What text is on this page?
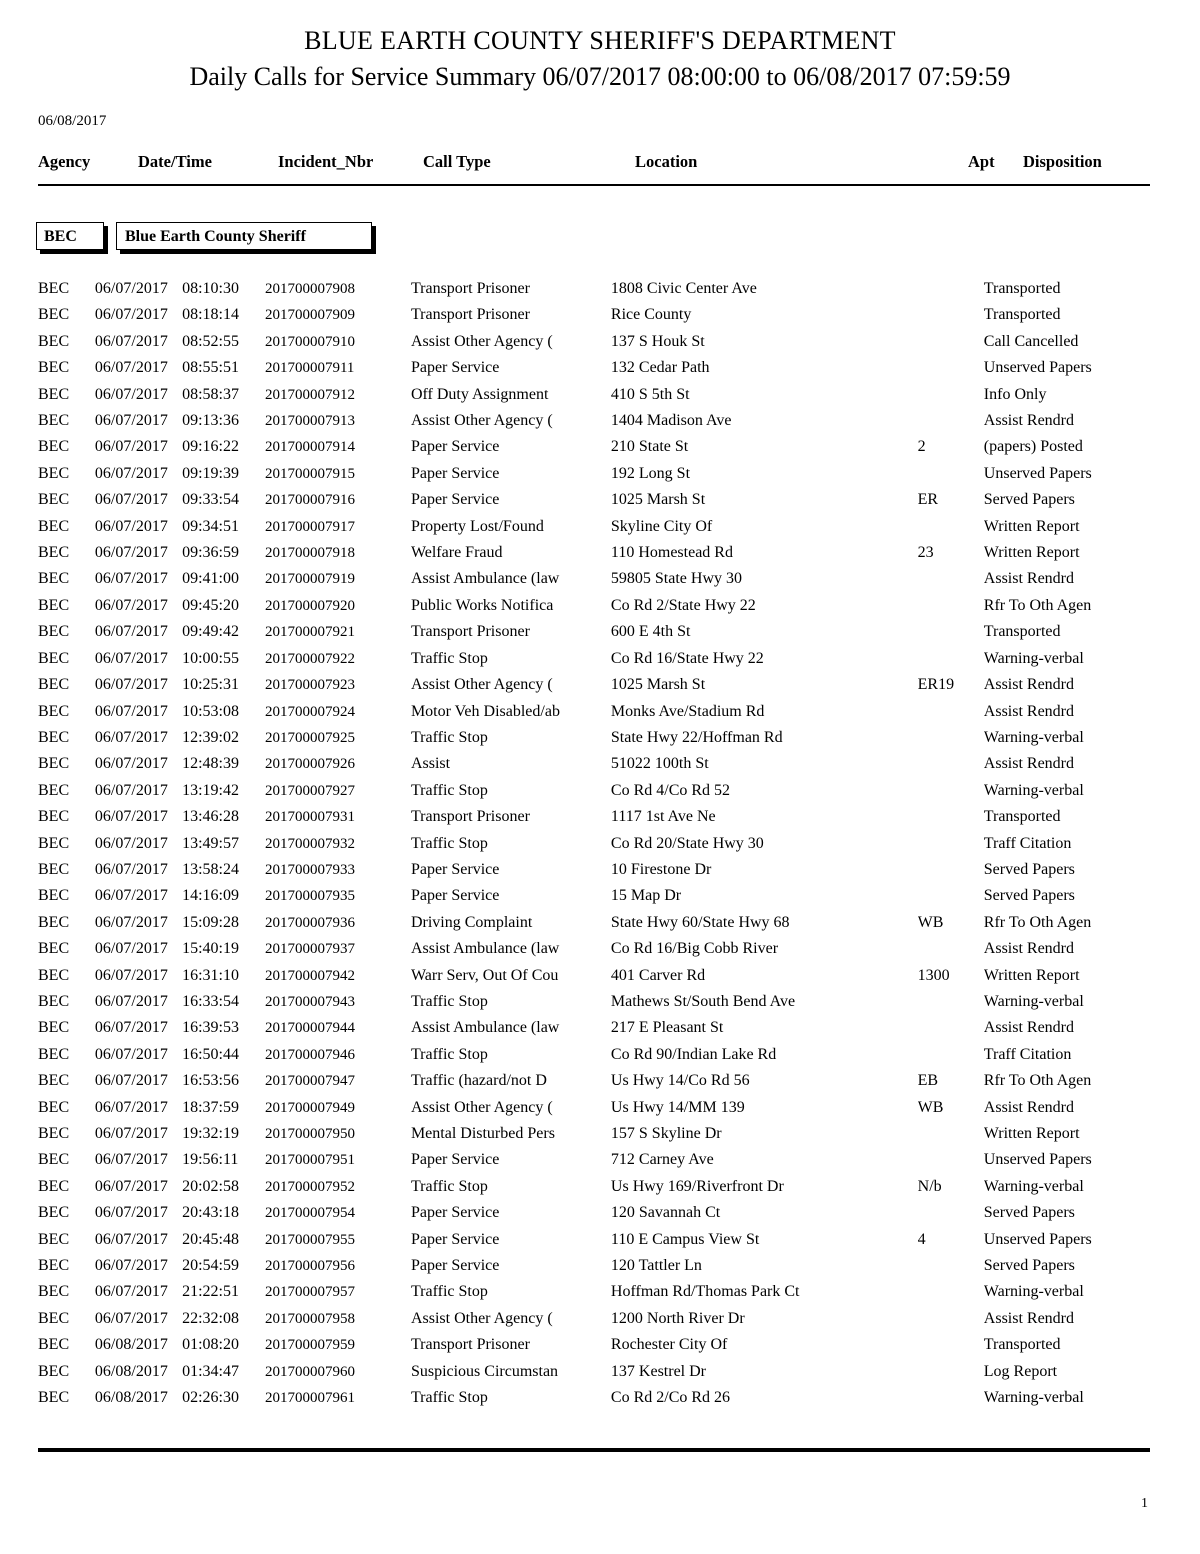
BLUE EARTH COUNTY SHERIFF'S DEPARTMENT
Daily Calls for Service Summary 06/07/2017 08:00:00 to 06/08/2017 07:59:59
06/08/2017
Agency	Date/Time	Incident_Nbr	Call Type	Location	Apt Disposition
BEC	Blue Earth County Sheriff
BEC	06/07/2017	08:10:30	201700007908	Transport Prisoner	1808 Civic Center Ave		Transported
BEC	06/07/2017	08:18:14	201700007909	Transport Prisoner	Rice County		Transported
BEC	06/07/2017	08:52:55	201700007910	Assist Other Agency (	137 S Houk St		Call Cancelled
BEC	06/07/2017	08:55:51	201700007911	Paper Service	132 Cedar Path		Unserved Papers
BEC	06/07/2017	08:58:37	201700007912	Off Duty Assignment	410 S 5th St		Info Only
BEC	06/07/2017	09:13:36	201700007913	Assist Other Agency (	1404 Madison Ave		Assist Rendrd
BEC	06/07/2017	09:16:22	201700007914	Paper Service	210 State St	2	(papers) Posted
BEC	06/07/2017	09:19:39	201700007915	Paper Service	192 Long St		Unserved Papers
BEC	06/07/2017	09:33:54	201700007916	Paper Service	1025 Marsh St	ER	Served Papers
BEC	06/07/2017	09:34:51	201700007917	Property Lost/Found	Skyline City Of		Written Report
BEC	06/07/2017	09:36:59	201700007918	Welfare Fraud	110 Homestead Rd	23	Written Report
BEC	06/07/2017	09:41:00	201700007919	Assist Ambulance (law	59805 State Hwy 30		Assist Rendrd
BEC	06/07/2017	09:45:20	201700007920	Public Works Notifica	Co Rd 2/State Hwy 22		Rfr To Oth Agen
BEC	06/07/2017	09:49:42	201700007921	Transport Prisoner	600 E 4th St		Transported
BEC	06/07/2017	10:00:55	201700007922	Traffic Stop	Co Rd 16/State Hwy 22		Warning-verbal
BEC	06/07/2017	10:25:31	201700007923	Assist Other Agency (	1025 Marsh St	ER19	Assist Rendrd
BEC	06/07/2017	10:53:08	201700007924	Motor Veh Disabled/ab	Monks Ave/Stadium Rd		Assist Rendrd
BEC	06/07/2017	12:39:02	201700007925	Traffic Stop	State Hwy 22/Hoffman Rd		Warning-verbal
BEC	06/07/2017	12:48:39	201700007926	Assist	51022 100th St		Assist Rendrd
BEC	06/07/2017	13:19:42	201700007927	Traffic Stop	Co Rd 4/Co Rd 52		Warning-verbal
BEC	06/07/2017	13:46:28	201700007931	Transport Prisoner	1117 1st Ave Ne		Transported
BEC	06/07/2017	13:49:57	201700007932	Traffic Stop	Co Rd 20/State Hwy 30		Traff Citation
BEC	06/07/2017	13:58:24	201700007933	Paper Service	10 Firestone Dr		Served Papers
BEC	06/07/2017	14:16:09	201700007935	Paper Service	15 Map Dr		Served Papers
BEC	06/07/2017	15:09:28	201700007936	Driving Complaint	State Hwy 60/State Hwy 68	WB	Rfr To Oth Agen
BEC	06/07/2017	15:40:19	201700007937	Assist Ambulance (law	Co Rd 16/Big Cobb River		Assist Rendrd
BEC	06/07/2017	16:31:10	201700007942	Warr Serv, Out Of Cou	401 Carver Rd	1300	Written Report
BEC	06/07/2017	16:33:54	201700007943	Traffic Stop	Mathews St/South Bend Ave		Warning-verbal
BEC	06/07/2017	16:39:53	201700007944	Assist Ambulance (law	217 E Pleasant St		Assist Rendrd
BEC	06/07/2017	16:50:44	201700007946	Traffic Stop	Co Rd 90/Indian Lake Rd		Traff Citation
BEC	06/07/2017	16:53:56	201700007947	Traffic (hazard/not D	Us Hwy 14/Co Rd 56	EB	Rfr To Oth Agen
BEC	06/07/2017	18:37:59	201700007949	Assist Other Agency (	Us Hwy 14/MM 139	WB	Assist Rendrd
BEC	06/07/2017	19:32:19	201700007950	Mental Disturbed Pers	157 S Skyline Dr		Written Report
BEC	06/07/2017	19:56:11	201700007951	Paper Service	712 Carney Ave		Unserved Papers
BEC	06/07/2017	20:02:58	201700007952	Traffic Stop	Us Hwy 169/Riverfront Dr	N/b	Warning-verbal
BEC	06/07/2017	20:43:18	201700007954	Paper Service	120 Savannah Ct		Served Papers
BEC	06/07/2017	20:45:48	201700007955	Paper Service	110 E Campus View St	4	Unserved Papers
BEC	06/07/2017	20:54:59	201700007956	Paper Service	120 Tattler Ln		Served Papers
BEC	06/07/2017	21:22:51	201700007957	Traffic Stop	Hoffman Rd/Thomas Park Ct		Warning-verbal
BEC	06/07/2017	22:32:08	201700007958	Assist Other Agency (	1200 North River Dr		Assist Rendrd
BEC	06/08/2017	01:08:20	201700007959	Transport Prisoner	Rochester City Of		Transported
BEC	06/08/2017	01:34:47	201700007960	Suspicious Circumstan	137 Kestrel Dr		Log Report
BEC	06/08/2017	02:26:30	201700007961	Traffic Stop	Co Rd 2/Co Rd 26		Warning-verbal
1
